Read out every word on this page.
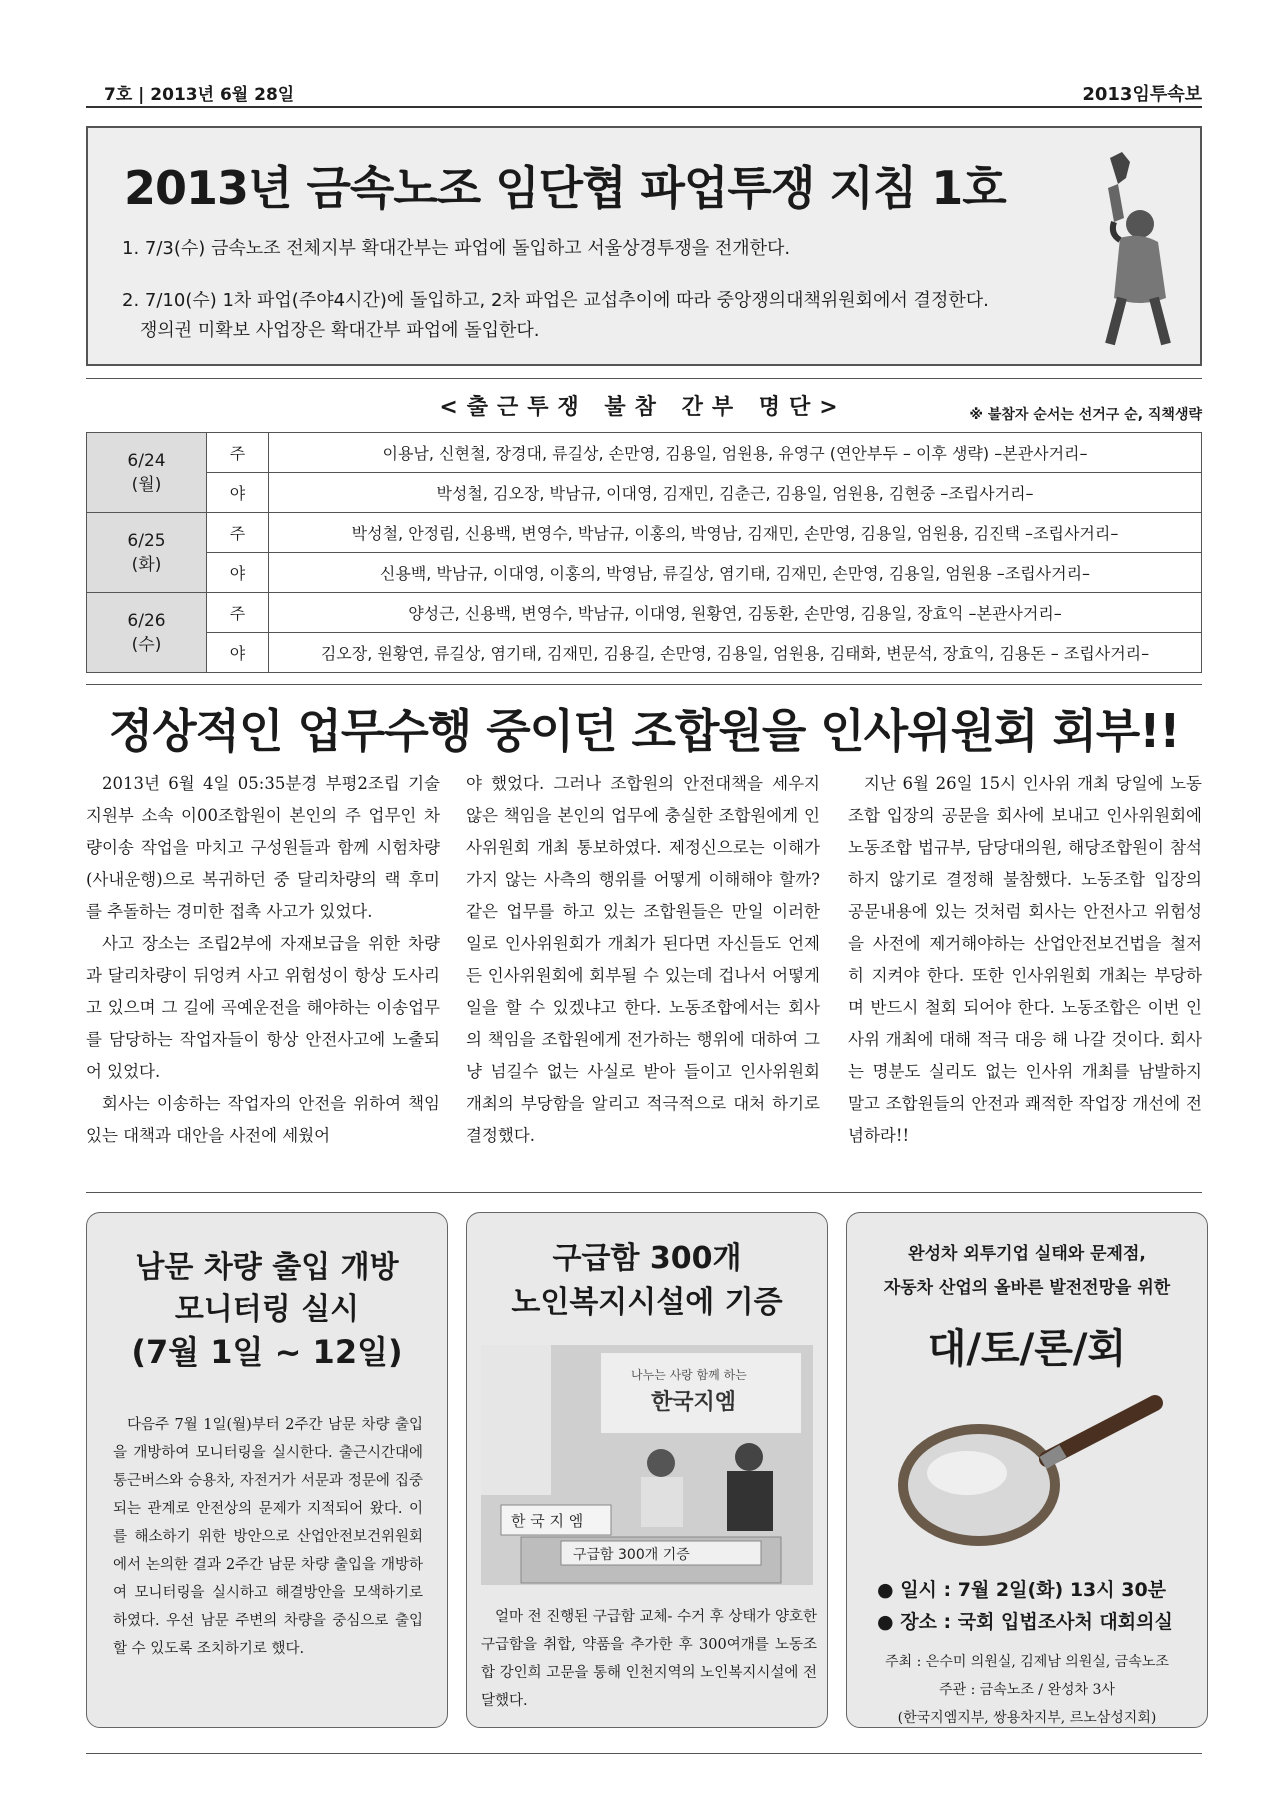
7호 | 2013년 6월 28일	2013임투속보
2013년 금속노조 임단협 파업투쟁 지침 1호
1. 7/3(수) 금속노조 전체지부 확대간부는 파업에 돌입하고 서울상경투쟁을 전개한다.
2. 7/10(수) 1차 파업(주야4시간)에 돌입하고, 2차 파업은 교섭추이에 따라 중앙쟁의대책위원회에서 결정한다.
쟁의권 미확보 사업장은 확대간부 파업에 돌입한다.
<출근투쟁 불참 간부 명단>	※ 불참자 순서는 선거구 순, 직책생략
6/24
(월)	주	이용남, 신현철, 장경대, 류길상, 손만영, 김용일, 엄원용, 유영구 (연안부두 – 이후 생략) –본관사거리–
	야	박성철, 김오장, 박남규, 이대영, 김재민, 김춘근, 김용일, 엄원용, 김현중 –조립사거리–

6/25
(화)	주	박성철, 안정림, 신용백, 변영수, 박남규, 이홍의, 박영남, 김재민, 손만영, 김용일, 엄원용, 김진택 –조립사거리–
	야	신용백, 박남규, 이대영, 이홍의, 박영남, 류길상, 염기태, 김재민, 손만영, 김용일, 엄원용 –조립사거리–

6/26
(수)	주	양성근, 신용백, 변영수, 박남규, 이대영, 원황연, 김동환, 손만영, 김용일, 장효익 –본관사거리–
	야	김오장, 원황연, 류길상, 염기태, 김재민, 김용길, 손만영, 김용일, 엄원용, 김태화, 변문석, 장효익, 김용돈 – 조립사거리–
정상적인 업무수행 중이던 조합원을 인사위원회 회부!!

2013년 6월 4일 05:35분경 부평2조립 기술지원부 소속 이00조합원이 본인의 주 업무인 차량이송 작업을 마치고 구성원들과 함께 시험차량(사내운행)으로 복귀하던 중 달리차량의 랙 후미를 추돌하는 경미한 접촉 사고가 있었다.

사고 장소는 조립2부에 자재보급을 위한 차량과 달리차량이 뒤엉켜 사고 위험성이 항상 도사리고 있으며 그 길에 곡예운전을 해야하는 이송업무를 담당하는 작업자들이 항상 안전사고에 노출되어 있었다.

회사는 이송하는 작업자의 안전을 위하여 책임있는 대책과 대안을 사전에 세웠어

야 했었다. 그러나 조합원의 안전대책을 세우지 않은 책임을 본인의 업무에 충실한 조합원에게 인사위원회 개최 통보하였다. 제정신으로는 이해가 가지 않는 사측의 행위를 어떻게 이해해야 할까? 같은 업무를 하고 있는 조합원들은 만일 이러한 일로 인사위원회가 개최가 된다면 자신들도 언제든 인사위원회에 회부될 수 있는데 겁나서 어떻게 일을 할 수 있겠냐고 한다. 노동조합에서는 회사의 책임을 조합원에게 전가하는 행위에 대하여 그냥 넘길수 없는 사실로 받아 들이고 인사위원회 개최의 부당함을 알리고 적극적으로 대처 하기로 결정했다.

지난 6월 26일 15시 인사위 개최 당일에 노동조합 입장의 공문을 회사에 보내고 인사위원회에 노동조합 법규부, 담당대의원, 해당조합원이 참석 하지 않기로 결정해 불참했다. 노동조합 입장의 공문내용에 있는 것처럼 회사는 안전사고 위험성을 사전에 제거해야하는 산업안전보건법을 철저히 지켜야 한다. 또한 인사위원회 개최는 부당하며 반드시 철회 되어야 한다. 노동조합은 이번 인사위 개최에 대해 적극 대응 해 나갈 것이다. 회사는 명분도 실리도 없는 인사위 개최를 남발하지 말고 조합원들의 안전과 쾌적한 작업장 개선에 전념하라!!

남문 차량 출입 개방
모니터링 실시
(7월 1일 ~ 12일)
다음주 7월 1일(월)부터 2주간 남문 차량 출입을 개방하여 모니터링을 실시한다. 출근시간대에 통근버스와 승용차, 자전거가 서문과 정문에 집중되는 관계로 안전상의 문제가 지적되어 왔다. 이를 해소하기 위한 방안으로 산업안전보건위원회에서 논의한 결과 2주간 남문 차량 출입을 개방하여 모니터링을 실시하고 해결방안을 모색하기로 하였다. 우선 남문 주변의 차량을 중심으로 출입 할 수 있도록 조치하기로 했다.
구급함 300개
노인복지시설에 기증
나누는 사랑 함께 하는
한국지엠
한 국 지 엠
구급함 300개 기증
얼마 전 진행된 구급함 교체- 수거 후 상태가 양호한 구급함을 취합, 약품을 추가한 후 300여개를 노동조합 강인희 고문을 통해 인천지역의 노인복지시설에 전달했다.
완성차 외투기업 실태와 문제점,
자동차 산업의 올바른 발전전망을 위한
대/토/론/회
● 일시 : 7월 2일(화) 13시 30분
● 장소 : 국회 입법조사처 대회의실
주최 : 은수미 의원실, 김제남 의원실, 금속노조
주관 : 금속노조 / 완성차 3사
(한국지엠지부, 쌍용차지부, 르노삼성지회)
